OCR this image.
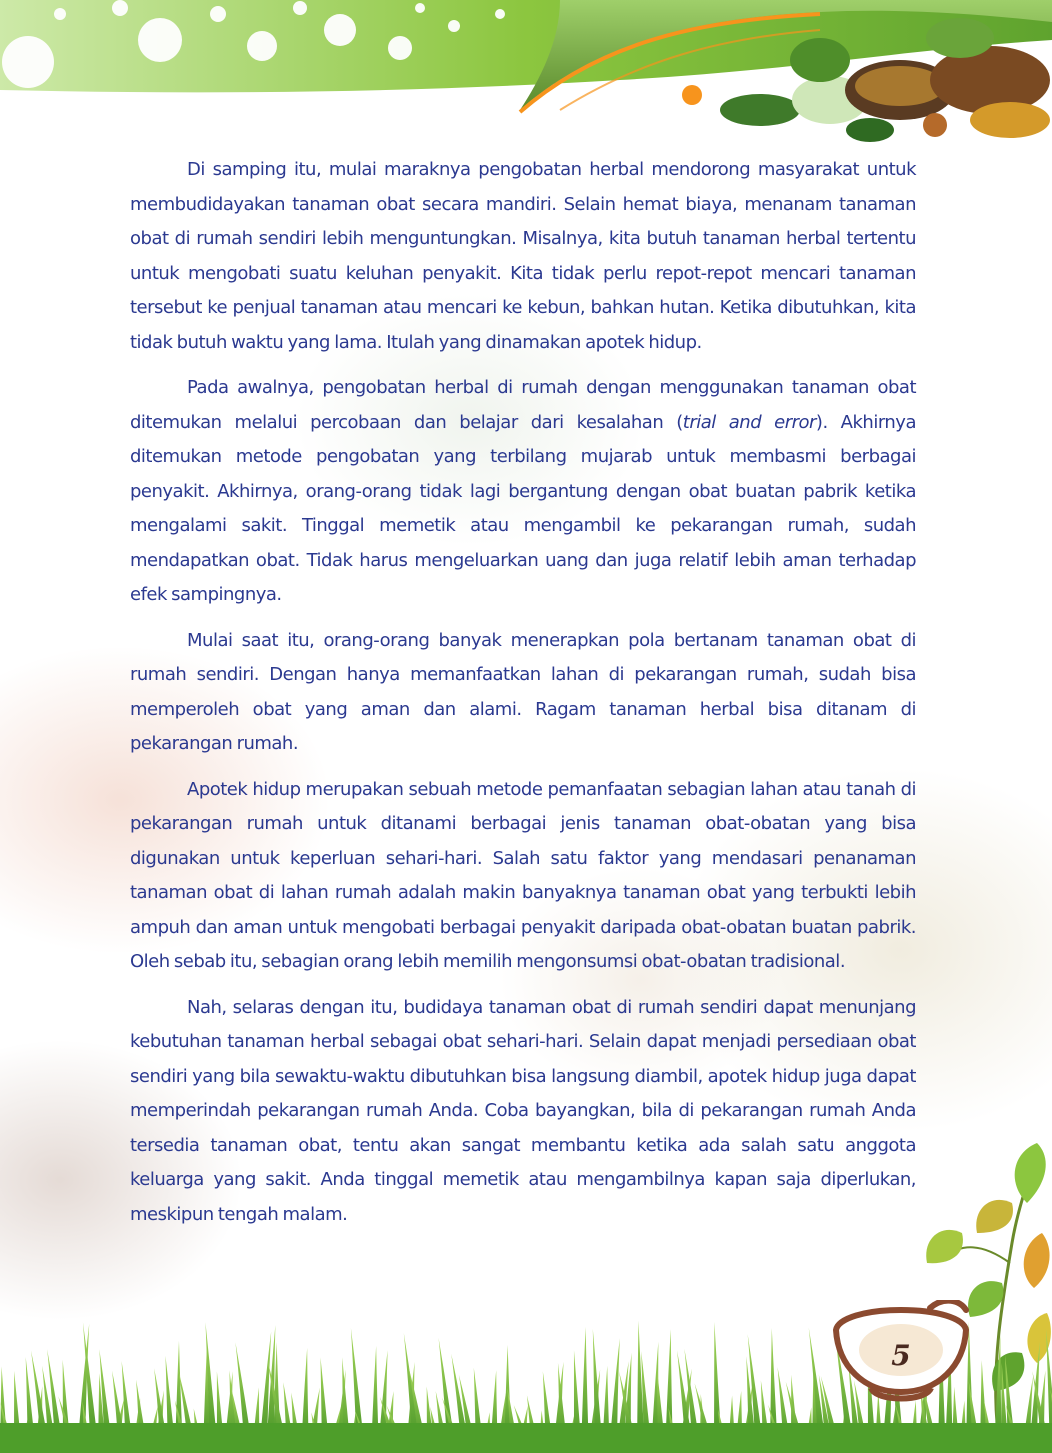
Di samping itu, mulai maraknya pengobatan herbal mendorong masyarakat untuk membudidayakan tanaman obat secara mandiri. Selain hemat biaya, menanam tanaman obat di rumah sendiri lebih menguntungkan. Misalnya, kita butuh tanaman herbal tertentu untuk mengobati suatu keluhan penyakit. Kita tidak perlu repot-repot mencari tanaman tersebut ke penjual tanaman atau mencari ke kebun, bahkan hutan. Ketika dibutuhkan, kita tidak butuh waktu yang lama. Itulah yang dinamakan apotek hidup.

Pada awalnya, pengobatan herbal di rumah dengan menggunakan tanaman obat ditemukan melalui percobaan dan belajar dari kesalahan (trial and error). Akhirnya ditemukan metode pengobatan yang terbilang mujarab untuk membasmi berbagai penyakit. Akhirnya, orang-orang tidak lagi bergantung dengan obat buatan pabrik ketika mengalami sakit. Tinggal memetik atau mengambil ke pekarangan rumah, sudah mendapatkan obat. Tidak harus mengeluarkan uang dan juga relatif lebih aman terhadap efek sampingnya.

Mulai saat itu, orang-orang banyak menerapkan pola bertanam tanaman obat di rumah sendiri. Dengan hanya memanfaatkan lahan di pekarangan rumah, sudah bisa memperoleh obat yang aman dan alami. Ragam tanaman herbal bisa ditanam di pekarangan rumah.

Apotek hidup merupakan sebuah metode pemanfaatan sebagian lahan atau tanah di pekarangan rumah untuk ditanami berbagai jenis tanaman obat-obatan yang bisa digunakan untuk keperluan sehari-hari. Salah satu faktor yang mendasari penanaman tanaman obat di lahan rumah adalah makin banyaknya tanaman obat yang terbukti lebih ampuh dan aman untuk mengobati berbagai penyakit daripada obat-obatan buatan pabrik. Oleh sebab itu, sebagian orang lebih memilih mengonsumsi obat-obatan tradisional.

Nah, selaras dengan itu, budidaya tanaman obat di rumah sendiri dapat menunjang kebutuhan tanaman herbal sebagai obat sehari-hari. Selain dapat menjadi persediaan obat sendiri yang bila sewaktu-waktu dibutuhkan bisa langsung diambil, apotek hidup juga dapat memperindah pekarangan rumah Anda. Coba bayangkan, bila di pekarangan rumah Anda tersedia tanaman obat, tentu akan sangat membantu ketika ada salah satu anggota keluarga yang sakit. Anda tinggal memetik atau mengambilnya kapan saja diperlukan, meskipun tengah malam.

5
